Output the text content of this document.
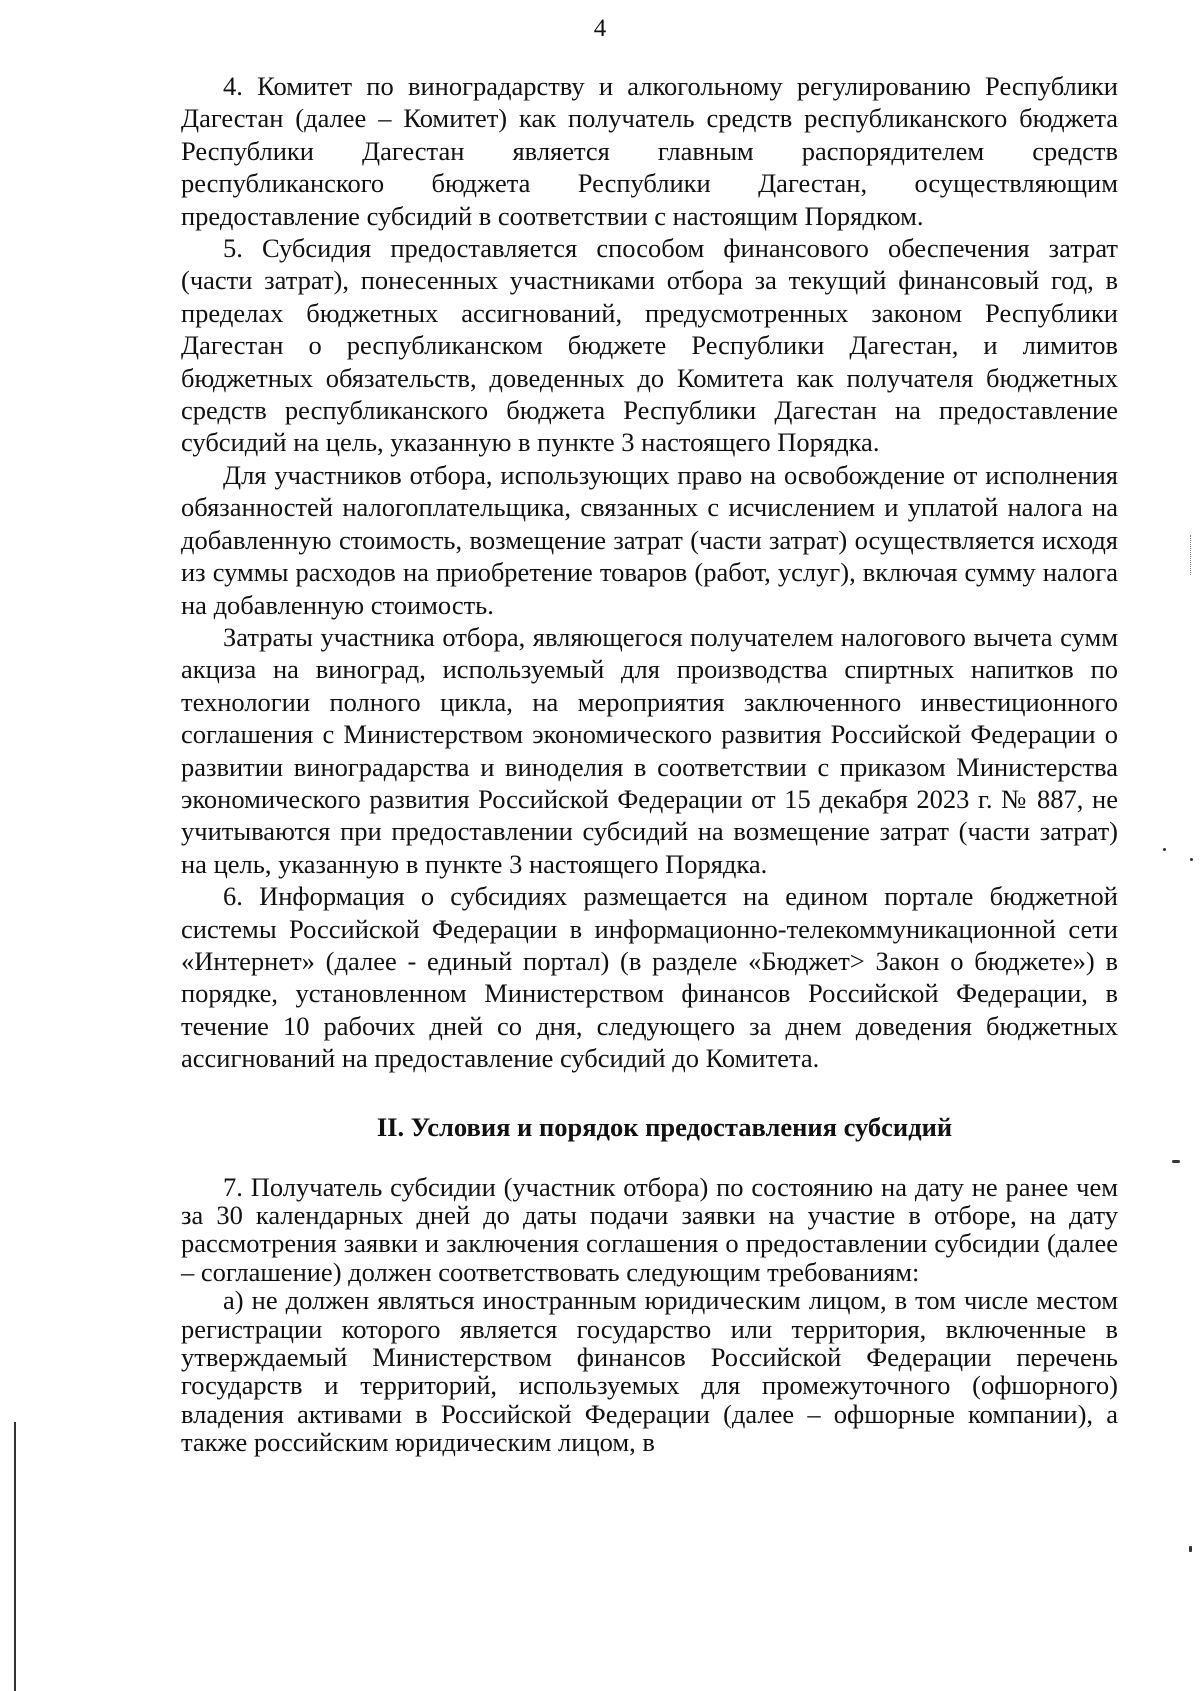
4

4. Комитет по виноградарству и алкогольному регулированию Республики Дагестан (далее – Комитет) как получатель средств республиканского бюджета Республики Дагестан является главным распорядителем средств республиканского бюджета Республики Дагестан, осуществляющим предоставление субсидий в соответствии с настоящим Порядком.

5. Субсидия предоставляется способом финансового обеспечения затрат (части затрат), понесенных участниками отбора за текущий финансовый год, в пределах бюджетных ассигнований, предусмотренных законом Республики Дагестан о республиканском бюджете Республики Дагестан, и лимитов бюджетных обязательств, доведенных до Комитета как получателя бюджетных средств республиканского бюджета Республики Дагестан на предоставление субсидий на цель, указанную в пункте 3 настоящего Порядка.

Для участников отбора, использующих право на освобождение от исполнения обязанностей налогоплательщика, связанных с исчислением и уплатой налога на добавленную стоимость, возмещение затрат (части затрат) осуществляется исходя из суммы расходов на приобретение товаров (работ, услуг), включая сумму налога на добавленную стоимость.

Затраты участника отбора, являющегося получателем налогового вычета сумм акциза на виноград, используемый для производства спиртных напитков по технологии полного цикла, на мероприятия заключенного инвестиционного соглашения с Министерством экономического развития Российской Федерации о развитии виноградарства и виноделия в соответствии с приказом Министерства экономического развития Российской Федерации от 15 декабря 2023 г. № 887, не учитываются при предоставлении субсидий на возмещение затрат (части затрат) на цель, указанную в пункте 3 настоящего Порядка.

6. Информация о субсидиях размещается на едином портале бюджетной системы Российской Федерации в информационно-телекоммуникационной сети «Интернет» (далее - единый портал) (в разделе «Бюджет> Закон о бюджете») в порядке, установленном Министерством финансов Российской Федерации, в течение 10 рабочих дней со дня, следующего за днем доведения бюджетных ассигнований на предоставление субсидий до Комитета.

II. Условия и порядок предоставления субсидий

7. Получатель субсидии (участник отбора) по состоянию на дату не ранее чем за 30 календарных дней до даты подачи заявки на участие в отборе, на дату рассмотрения заявки и заключения соглашения о предоставлении субсидии (далее – соглашение) должен соответствовать следующим требованиям:

а) не должен являться иностранным юридическим лицом, в том числе местом регистрации которого является государство или территория, включенные в утверждаемый Министерством финансов Российской Федерации перечень государств и территорий, используемых для промежуточного (офшорного) владения активами в Российской Федерации (далее – офшорные компании), а также российским юридическим лицом, в
